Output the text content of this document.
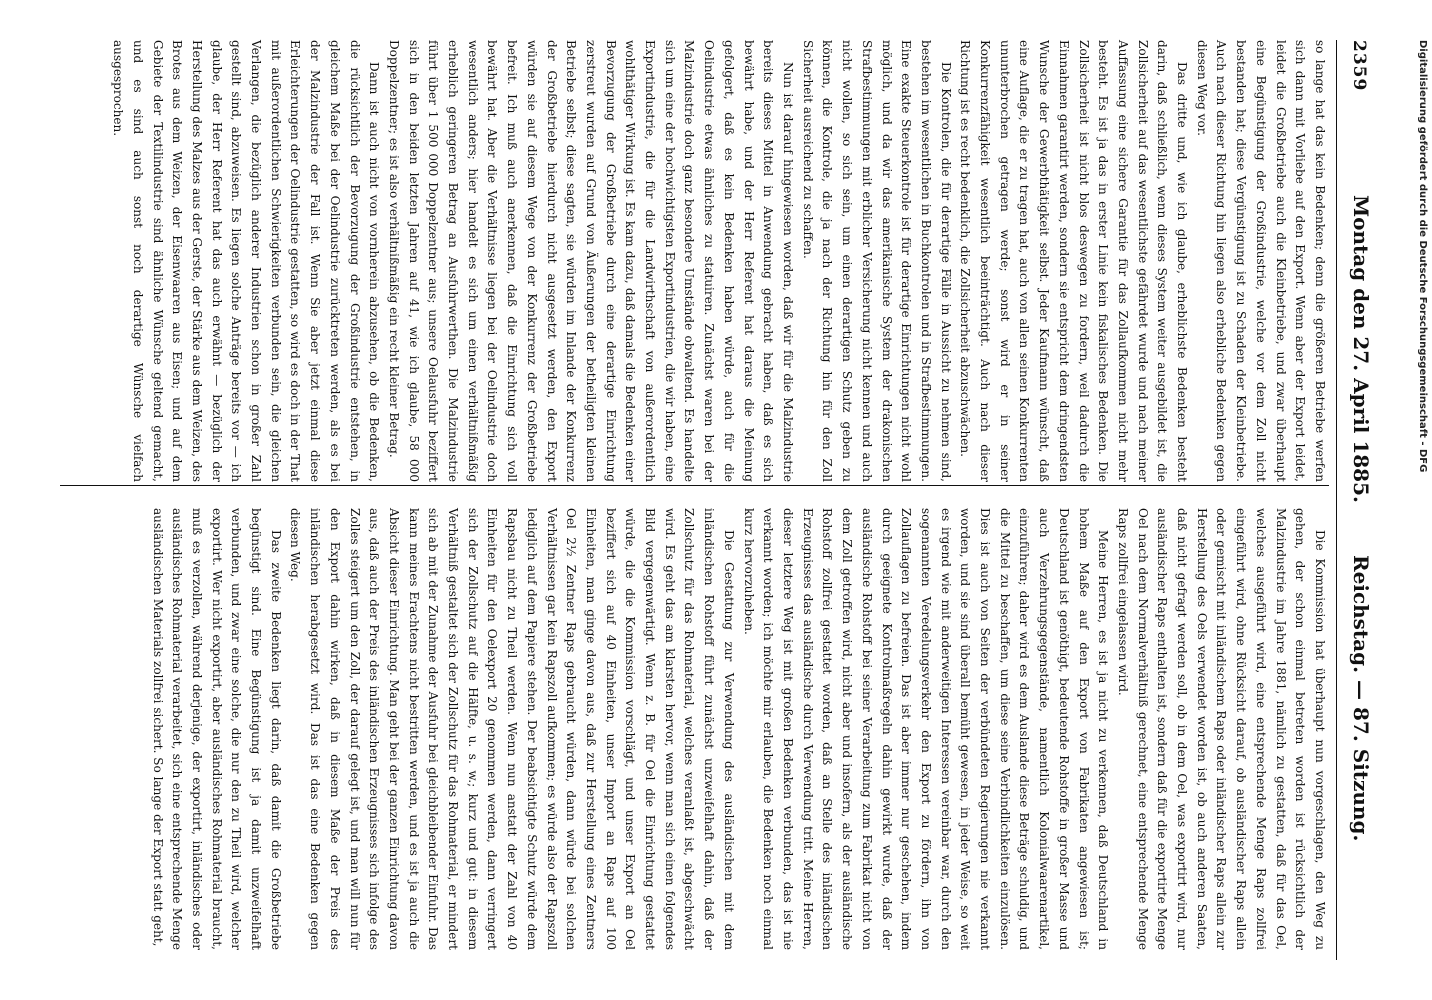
2359
Montag den 27. April 1885.
Reichstag. — 87. Sitzung.

so lange hat das kein Bedenken; denn die größeren Betriebe werfen sich dann mit Vorliebe auf den Export. Wenn aber der Export leidet, leidet die Großbetriebe auch die Kleinbetriebe, und zwar überhaupt eine Begünstigung der Großindustrie, welche vor dem Zoll nicht bestanden hat; diese Vergünstigung ist zu Schaden der Kleinbetriebe. Auch nach dieser Richtung hin liegen also erhebliche Bedenken gegen diesen Weg vor.

Das dritte und, wie ich glaube, erheblichste Bedenken besteht darin, daß schließlich, wenn dieses System weiter ausgebildet ist, die Zollsicherheit auf das wesentlichste gefährdet wurde und nach meiner Auffassung eine sichere Garantie für das Zollaufkommen nicht mehr besteht. Es ist ja das in erster Linie kein fiskalisches Bedenken. Die Zollsicherheit ist nicht blos deswegen zu fordern, weil dadurch die Einnahmen garantirt werden, sondern sie entspricht dem dringendsten Wunsche der Gewerbthätigkeit selbst. Jeder Kaufmann wünscht, daß eine Auflage, die er zu tragen hat, auch von allen seinen Konkurrenten ununterbrochen getragen werde; sonst wird er in seiner Konkurrenzfähigkeit wesentlich beeinträchtigt. Auch nach dieser Richtung ist es recht bedenklich, die Zollsicherheit abzuschwächen.

Die Kontrolen, die für derartige Fälle in Aussicht zu nehmen sind, bestehen im wesentlichen in Buchkontrolen und in Strafbestimmungen. Eine exakte Steuerkontrole ist für derartige Einrichtungen nicht wohl möglich, und da wir das amerikanische System der drakonischen Strafbestimmungen mit erblicher Versicherung nicht kennen und auch nicht wollen, so sich sein, um einen derartigen Schutz geben zu können, die Kontrole, die ja nach der Richtung hin für den Zoll Sicherheit ausreichend zu schaffen.

Nun ist darauf hingewiesen worden, daß wir für die Malzindustrie bereits dieses Mittel in Anwendung gebracht haben, daß es sich bewährt habe, und der Herr Referent hat daraus die Meinung gefolgert, daß es kein Bedenken haben würde, auch für die Oelindustrie etwas ähnliches zu statuiren. Zunächst waren bei der Malzindustrie doch ganz besondere Umstände obwaltend. Es handelte sich um eine der hochwichtigsten Exportindustrien, die wir haben, eine Exportindustrie, die für die Landwirthschaft von außerordentlich wohlthätiger Wirkung ist. Es kam dazu, daß damals die Bedenken einer Bevorzugung der Großbetriebe durch eine derartige Einrichtung zerstreut wurden auf Grund von Äußerungen der betheiligten kleinen Betriebe selbst; diese sagten, sie würden im Inlande der Konkurrenz der Großbetriebe hierdurch nicht ausgesetzt werden, den Export würden sie auf diesem Wege von der Konkurrenz der Großbetriebe befreit. Ich muß auch anerkennen, daß die Einrichtung sich voll bewährt hat. Aber die Verhältnisse liegen bei der Oelindustrie doch wesentlich anders; hier handelt es sich um einen verhältnißmäßig erheblich geringeren Betrag an Ausfuhrwerthen. Die Malzindustrie führt über 1 500 000 Doppelzentner aus; unsere Oelausfuhr beziffert sich in den beiden letzten Jahren auf 41, wie ich glaube, 58 000 Doppelzentner; es ist also verhältnißmäßig ein recht kleiner Betrag.

Dann ist auch nicht von vornherein abzusehen, ob die Bedenken, die rücksichtlich der Bevorzugung der Großindustrie entstehen, in gleichem Maße bei der Oelindustrie zurücktreten werden, als es bei der Malzindustrie der Fall ist. Wenn Sie aber jetzt einmal diese Erleichterungen der Oelindustrie gestatten, so wird es doch in der That mit außerordentlichen Schwierigkeiten verbunden sein, die gleichen Verlangen, die bezüglich anderer Industrien schon in großer Zahl gestellt sind, abzuweisen. Es liegen solche Anträge bereits vor — ich glaube, der Herr Referent hat das auch erwähnt — bezüglich der Herstellung des Malzes aus der Gerste, der Stärke aus dem Weizen, des Brotes aus dem Weizen, der Eisenwaaren aus Eisen; und auf dem Gebiete der Textilindustrie sind ähnliche Wünsche geltend gemacht, und es sind auch sonst noch derartige Wünsche vielfach ausgesprochen.

Die Kommission hat überhaupt nun vorgeschlagen, den Weg zu gehen, der schon einmal betreten worden ist rücksichtlich der Malzindustrie im Jahre 1881, nämlich zu gestatten, daß für das Oel, welches ausgeführt wird, eine entsprechende Menge Raps zollfrei eingeführt wird, ohne Rücksicht darauf, ob ausländischer Raps allein oder gemischt mit inländischem Raps oder inländischer Raps allein zur Herstellung des Oels verwendet worden ist, ob auch anderen Saaten, daß nicht gefragt werden soll, ob in dem Oel, was exportirt wird, nur ausländischer Raps enthalten ist, sondern daß für die exportirte Menge Oel nach dem Normalverhältniß gerechnet, eine entsprechende Menge Raps zollfrei eingelassen wird.

Meine Herren, es ist ja nicht zu verkennen, daß Deutschland in hohem Maße auf den Export von Fabrikaten angewiesen ist; Deutschland ist genöthigt, bedeutende Rohstoffe in großer Masse und auch Verzehrungsgegenstände, namentlich Kolonialwaarenartikel, einzuführen; daher wird es dem Auslande diese Beträge schuldig, und die Mittel zu beschaffen, um diese seine Verbindlichkeiten einzulösen. Dies ist auch von Seiten der verbündeten Regierungen nie verkannt worden, und sie sind überall bemüht gewesen, in jeder Weise, so weit es irgend wie mit anderweitigen Interessen vereinbar war, durch den sogenannten Veredelungsverkehr den Export zu fördern, ihn von Zollauflagen zu befreien. Das ist aber immer nur geschehen, indem durch geeignete Kontrolmaßregeln dahin gewirkt wurde, daß der ausländische Rohstoff bei seiner Verarbeitung zum Fabrikat nicht von dem Zoll getroffen wird, nicht aber und insofern, als der ausländische Rohstoff zollfrei gestattet worden, daß an Stelle des inländischen Erzeugnisses das ausländische durch Verwendung tritt. Meine Herren, dieser letztere Weg ist mit großen Bedenken verbunden, das ist nie verkannt worden; ich möchte mir erlauben, die Bedenken noch einmal kurz hervorzuheben.

Die Gestattung zur Verwendung des ausländischen mit dem inländischen Rohstoff führt zunächst unzweifelhaft dahin, daß der Zollschutz für das Rohmaterial, welches veranlaßt ist, abgeschwächt wird. Es geht das am klarsten hervor, wenn man sich einen folgendes Bild vergegenwärtigt. Wenn z. B. für Oel die Einrichtung gestattet würde, die die Kommission vorschlägt, und unser Export an Oel beziffert sich auf 40 Einheiten, unser Import an Raps auf 100 Einheiten, man ginge davon aus, daß zur Herstellung eines Zentners Oel 2½ Zentner Raps gebraucht würden, dann würde bei solchen Verhältnissen gar kein Rapszoll aufkommen; es würde also der Rapszoll lediglich auf dem Papiere stehen. Der beabsichtigte Schutz würde dem Rapsbau nicht zu Theil werden. Wenn nun anstatt der Zahl von 40 Einheiten für den Oelexport 20 genommen werden, dann verringert sich der Zollschutz auf die Hälfte, u. s. w.; kurz und gut: in diesem Verhältniß gestaltet sich der Zollschutz für das Rohmaterial, er mindert sich ab mit der Zunahme der Ausfuhr bei gleichbleibender Einfuhr. Das kann meines Erachtens nicht bestritten werden, und es ist ja auch die Absicht dieser Einrichtung. Man geht bei der ganzen Einrichtung davon aus, daß auch der Preis des inländischen Erzeugnisses sich infolge des Zolles steigert um den Zoll, der darauf gelegt ist, und man will nun für den Export dahin wirken, daß in diesem Maße der Preis des inländischen herabgesetzt wird. Das ist das eine Bedenken gegen diesen Weg.

Das zweite Bedenken liegt darin, daß damit die Großbetriebe begünstigt sind. Eine Begünstigung ist ja damit unzweifelhaft verbunden, und zwar eine solche, die nur den zu Theil wird, welcher exportirt. Wer nicht exportirt, aber ausländisches Rohmaterial braucht, muß es verzollen, während derjenige, der exportirt, inländisches oder ausländisches Rohmaterial verarbeitet, sich eine entsprechende Menge ausländischen Materials zollfrei sichert. So lange der Export statt geht,

Digitalisierung gefördert durch die Deutsche Forschungsgemeinschaft - DFG
